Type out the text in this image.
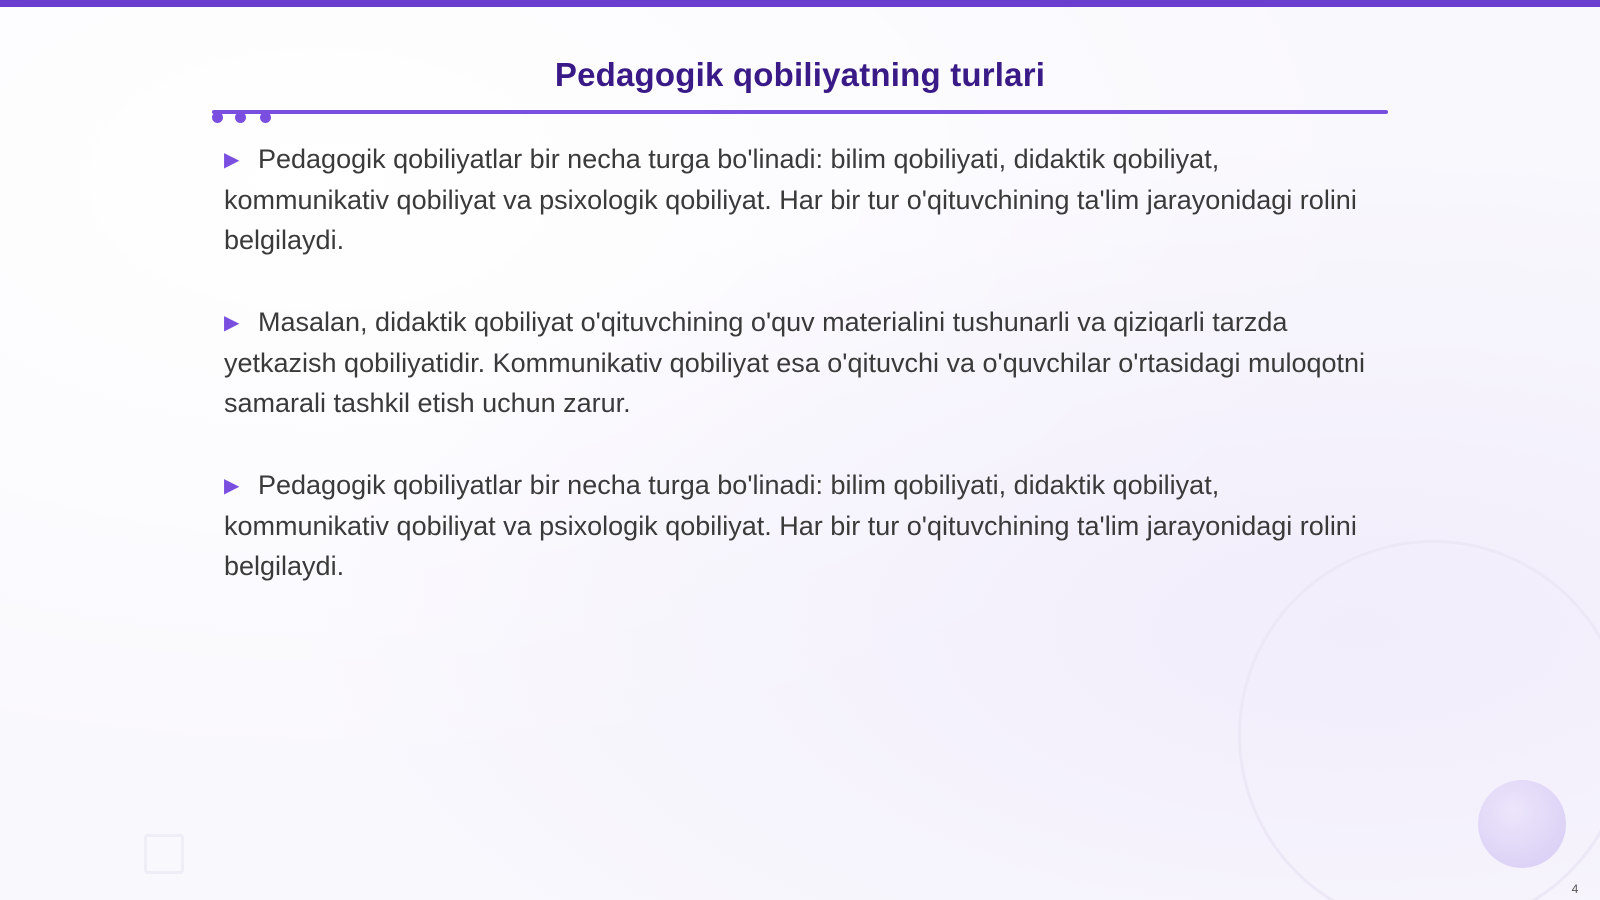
Pedagogik qobiliyatning turlari

▶ Pedagogik qobiliyatlar bir necha turga bo'linadi: bilim qobiliyati, didaktik qobiliyat, kommunikativ qobiliyat va psixologik qobiliyat. Har bir tur o'qituvchining ta'lim jarayonidagi rolini belgilaydi.

▶ Masalan, didaktik qobiliyat o'qituvchining o'quv materialini tushunarli va qiziqarli tarzda yetkazish qobiliyatidir. Kommunikativ qobiliyat esa o'qituvchi va o'quvchilar o'rtasidagi muloqotni samarali tashkil etish uchun zarur.

▶ Pedagogik qobiliyatlar bir necha turga bo'linadi: bilim qobiliyati, didaktik qobiliyat, kommunikativ qobiliyat va psixologik qobiliyat. Har bir tur o'qituvchining ta'lim jarayonidagi rolini belgilaydi.

4
